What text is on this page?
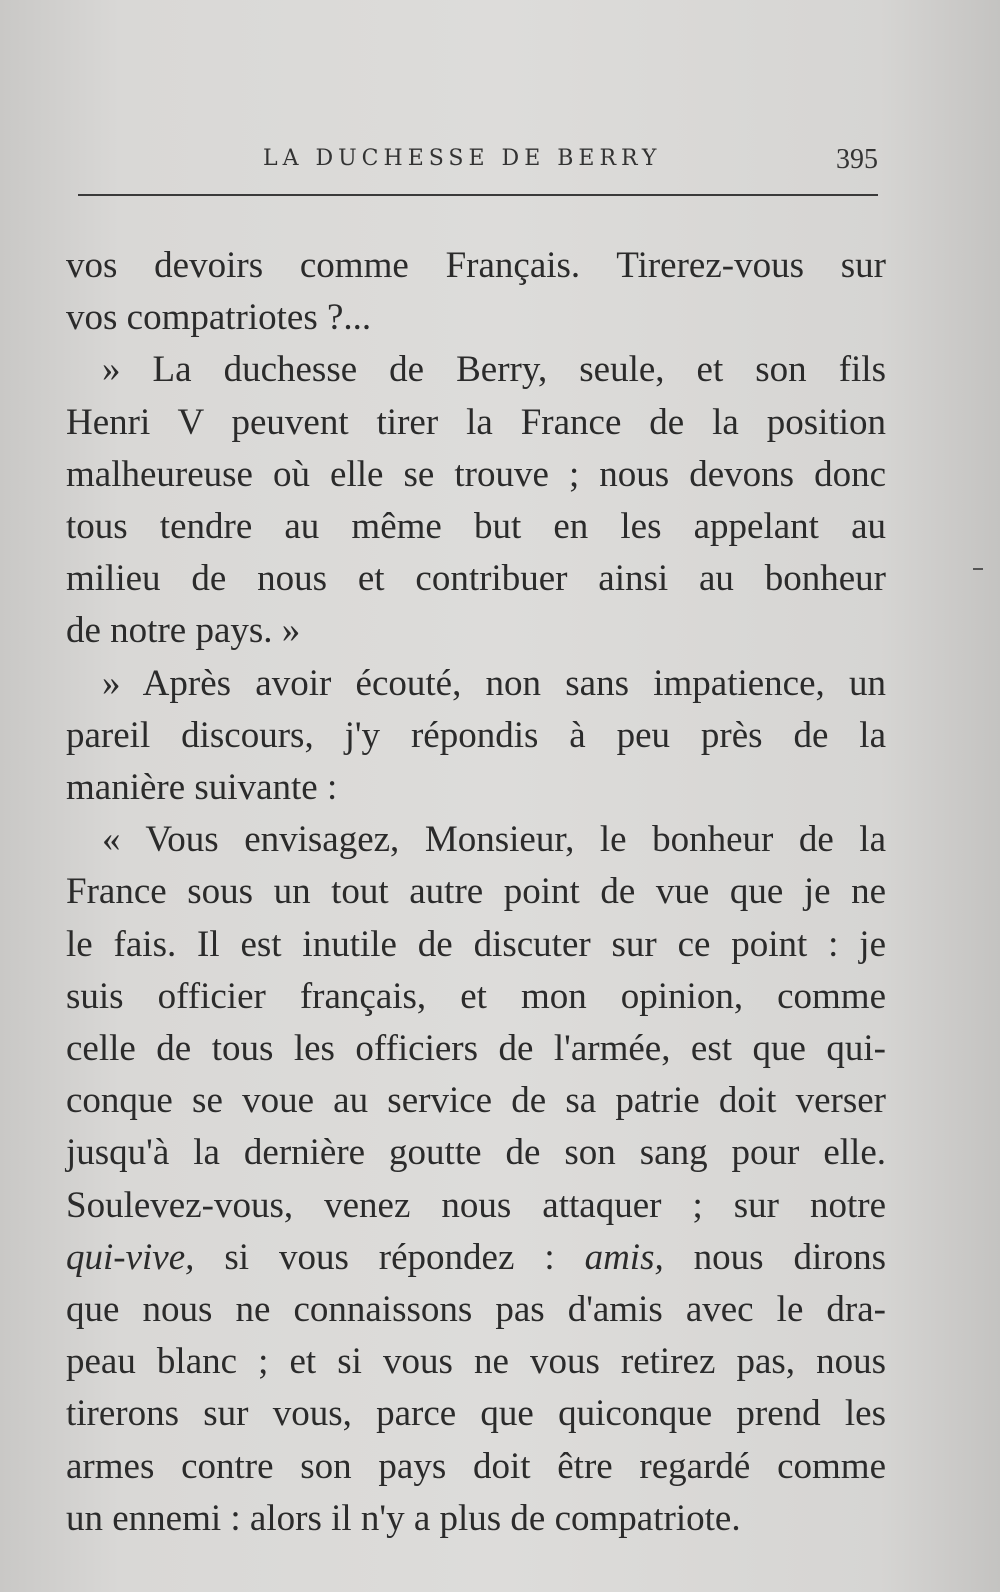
LA DUCHESSE DE BERRY	395

vos devoirs comme Français. Tirerez-vous sur
vos compatriotes ?...

» La duchesse de Berry, seule, et son fils
Henri V peuvent tirer la France de la position
malheureuse où elle se trouve ; nous devons donc
tous tendre au même but en les appelant au
milieu de nous et contribuer ainsi au bonheur
de notre pays. »

» Après avoir écouté, non sans impatience, un
pareil discours, j'y répondis à peu près de la
manière suivante :

« Vous envisagez, Monsieur, le bonheur de la
France sous un tout autre point de vue que je ne
le fais. Il est inutile de discuter sur ce point : je
suis officier français, et mon opinion, comme
celle de tous les officiers de l'armée, est que qui-
conque se voue au service de sa patrie doit verser
jusqu'à la dernière goutte de son sang pour elle.
Soulevez-vous, venez nous attaquer ; sur notre
qui-vive, si vous répondez : amis, nous dirons
que nous ne connaissons pas d'amis avec le dra-
peau blanc ; et si vous ne vous retirez pas, nous
tirerons sur vous, parce que quiconque prend les
armes contre son pays doit être regardé comme
un ennemi : alors il n'y a plus de compatriote.
